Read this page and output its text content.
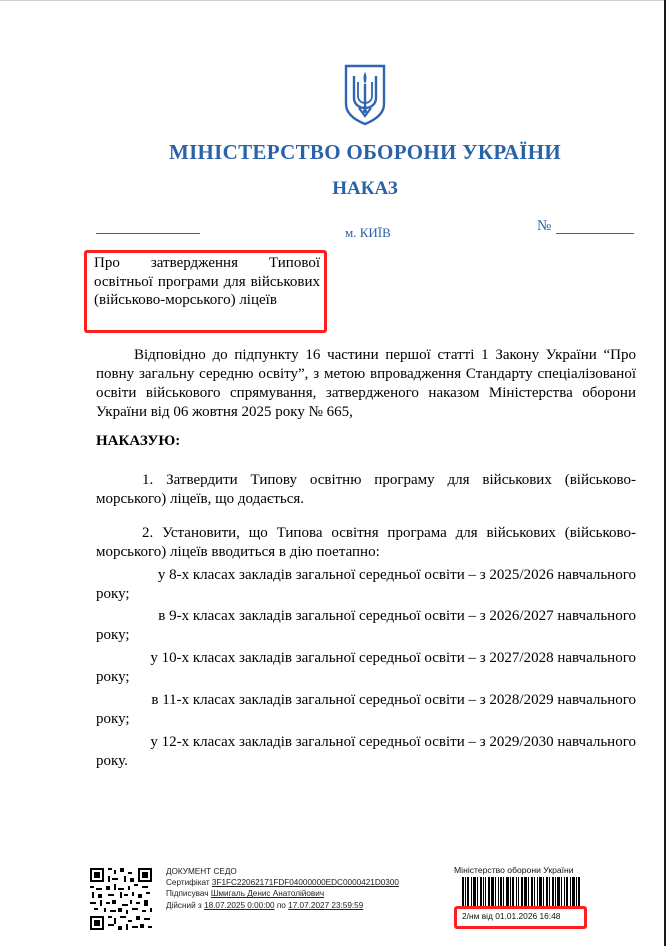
МІНІСТЕРСТВО ОБОРОНИ УКРАЇНИ
НАКАЗ
м. КИЇВ	№
Про затвердження Типової освітньої програми для військових (військово-морського) ліцеїв
Відповідно до підпункту 16 частини першої статті 1 Закону України “Про повну загальну середню освіту”, з метою впровадження Стандарту спеціалізованої освіти військового спрямування, затвердженого наказом Міністерства оборони України від 06 жовтня 2025 року № 665,
НАКАЗУЮ:
1. Затвердити Типову освітню програму для військових (військово-морського) ліцеїв, що додається.
2. Установити, що Типова освітня програма для військових (військово-морського) ліцеїв вводиться в дію поетапно:
у 8-х класах закладів загальної середньої освіти – з 2025/2026 навчального
року;
в 9-х класах закладів загальної середньої освіти – з 2026/2027 навчального
року;
у 10-х класах закладів загальної середньої освіти – з 2027/2028 навчального
року;
в 11-х класах закладів загальної середньої освіти – з 2028/2029 навчального
року;
у 12-х класах закладів загальної середньої освіти – з 2029/2030 навчального
року.
ДОКУМЕНТ СЕДО
Сертифікат 3F1FC22062171FDF04000000EDC0000421D0300
Підписувач Шмигаль Денис Анатолійович
Дійсний з 18.07.2025 0:00:00 по 17.07.2027 23:59:59
Міністерство оборони України
2/нм від 01.01.2026 16:48
